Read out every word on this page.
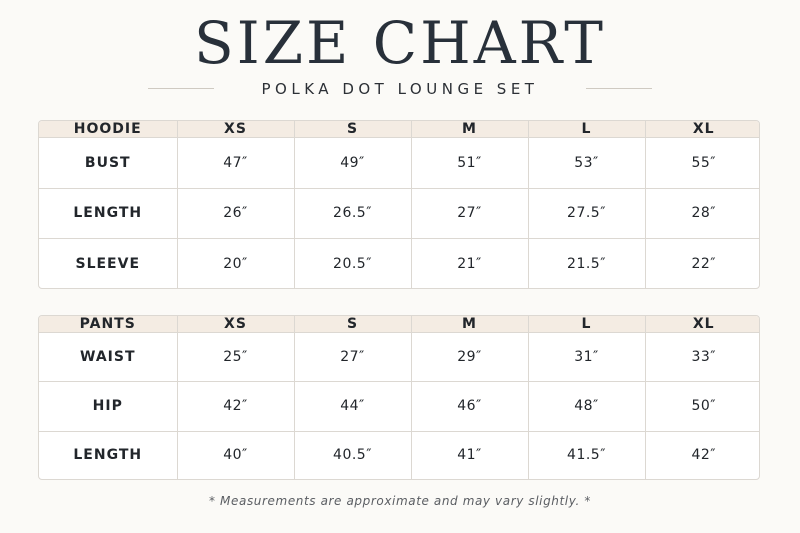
SIZE CHART
POLKA DOT LOUNGE SET
HOODIE	XS	S	M	L	XL
BUST	47″	49″	51″	53″	55″
LENGTH	26″	26.5″	27″	27.5″	28″
SLEEVE	20″	20.5″	21″	21.5″	22″
PANTS	XS	S	M	L	XL
WAIST	25″	27″	29″	31″	33″
HIP	42″	44″	46″	48″	50″
LENGTH	40″	40.5″	41″	41.5″	42″
* Measurements are approximate and may vary slightly. *
